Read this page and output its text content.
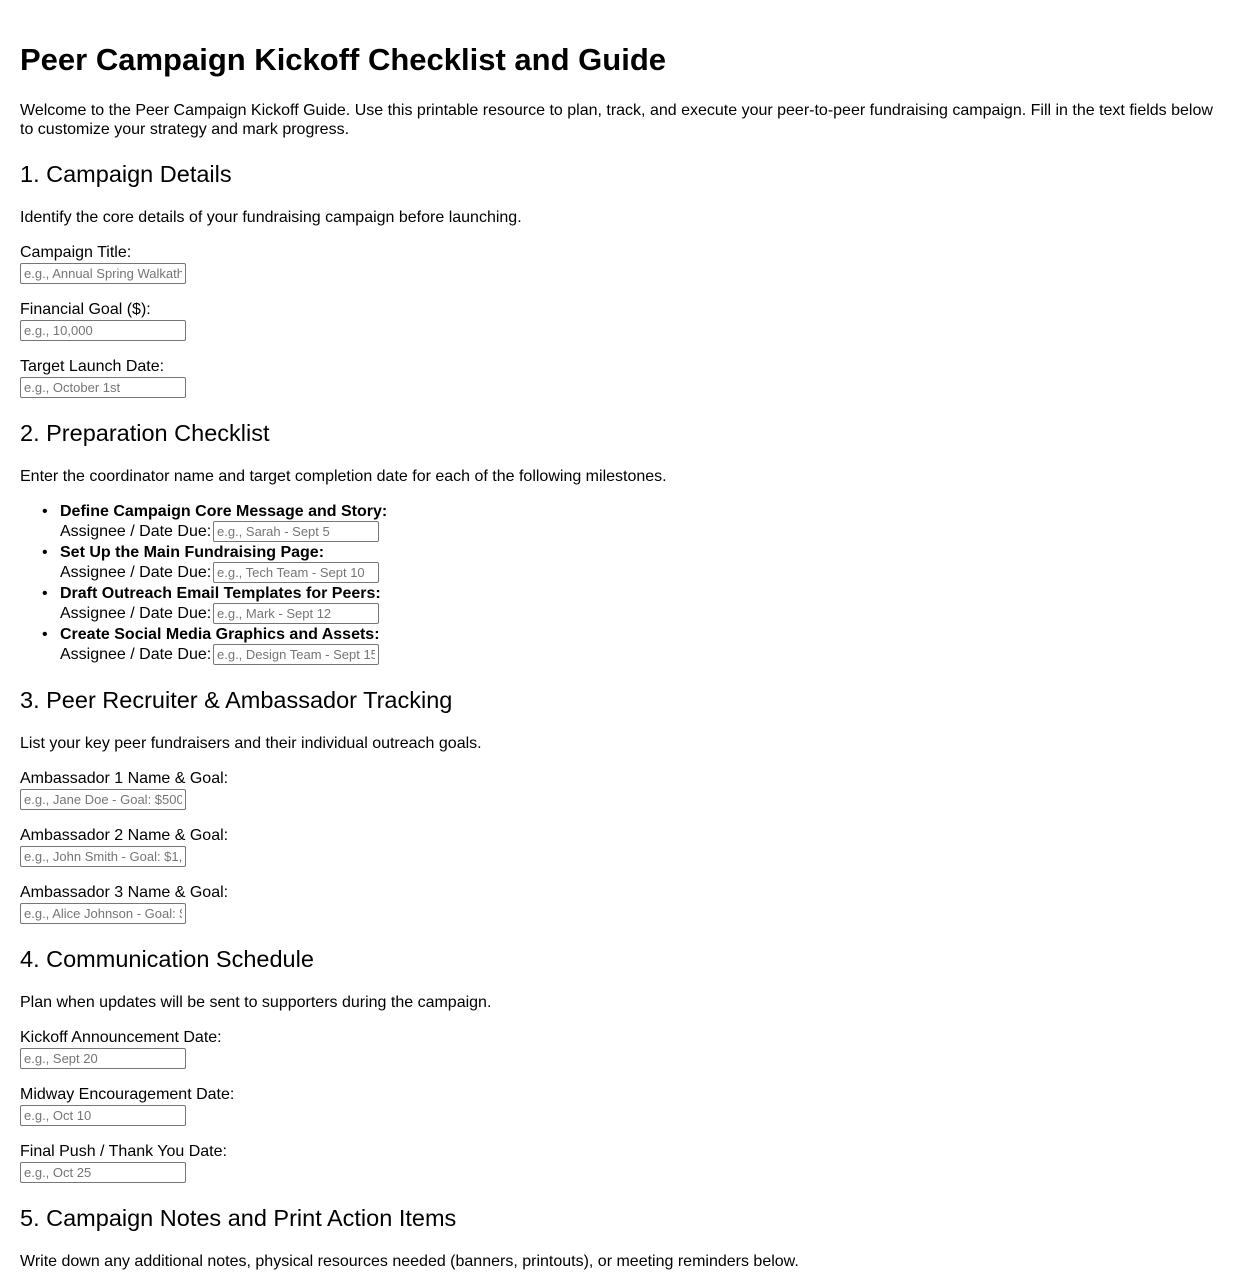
Peer Campaign Kickoff Checklist and Guide

Welcome to the Peer Campaign Kickoff Guide. Use this printable resource to plan, track, and execute your peer-to-peer fundraising campaign. Fill in the text fields below to customize your strategy and mark progress.

1. Campaign Details

Identify the core details of your fundraising campaign before launching.

Campaign Title:
e.g., Annual Spring Walkathon
Financial Goal ($):
e.g., 10,000
Target Launch Date:
e.g., October 1st
2. Preparation Checklist

Enter the coordinator name and target completion date for each of the following milestones.

• Define Campaign Core Message and Story:
Assignee / Date Due:
e.g., Sarah - Sept 5
• Set Up the Main Fundraising Page:
Assignee / Date Due:
e.g., Tech Team - Sept 10
• Draft Outreach Email Templates for Peers:
Assignee / Date Due:
e.g., Mark - Sept 12
• Create Social Media Graphics and Assets:
Assignee / Date Due:
e.g., Design Team - Sept 15
3. Peer Recruiter & Ambassador Tracking

List your key peer fundraisers and their individual outreach goals.

Ambassador 1 Name & Goal:
e.g., Jane Doe - Goal: $500
Ambassador 2 Name & Goal:
e.g., John Smith - Goal: $1,000
Ambassador 3 Name & Goal:
e.g., Alice Johnson - Goal: $750
4. Communication Schedule

Plan when updates will be sent to supporters during the campaign.

Kickoff Announcement Date:
e.g., Sept 20
Midway Encouragement Date:
e.g., Oct 10
Final Push / Thank You Date:
e.g., Oct 25
5. Campaign Notes and Print Action Items

Write down any additional notes, physical resources needed (banners, printouts), or meeting reminders below.
